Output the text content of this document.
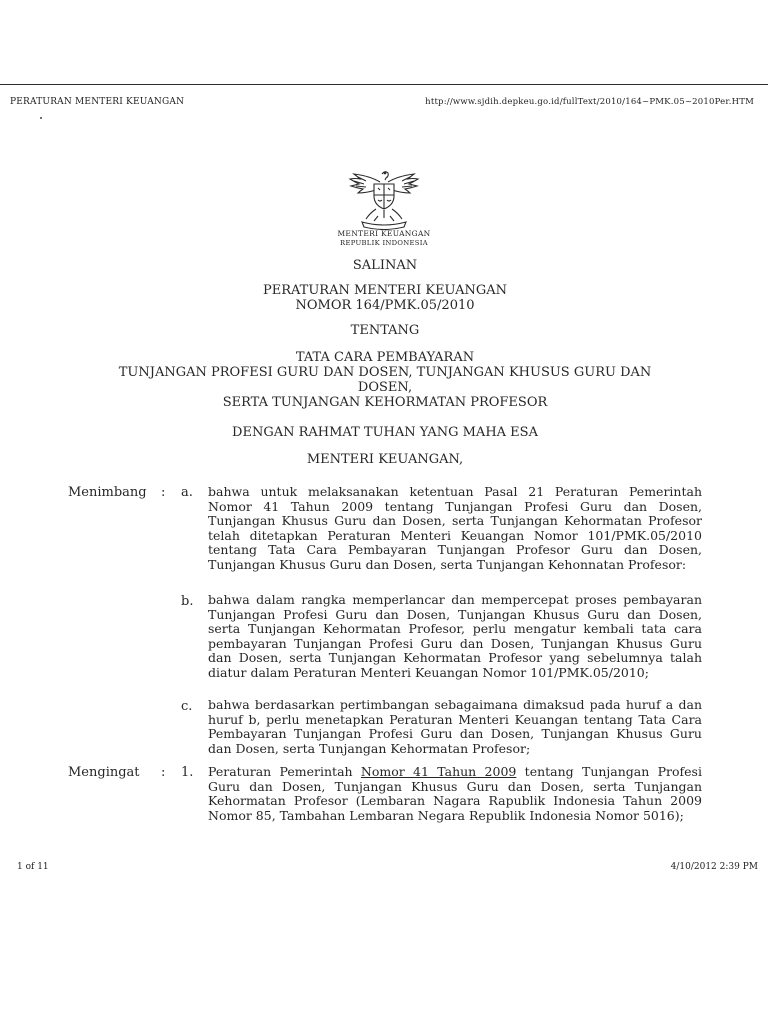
PERATURAN MENTERI KEUANGAN	http://www.sjdih.depkeu.go.id/fullText/2010/164~PMK.05~2010Per.HTM
MENTERI KEUANGAN
REPUBLIK INDONESIA
SALINAN
PERATURAN MENTERI KEUANGAN
NOMOR 164/PMK.05/2010
TENTANG
TATA CARA PEMBAYARAN
TUNJANGAN PROFESI GURU DAN DOSEN, TUNJANGAN KHUSUS GURU DAN
DOSEN,
SERTA TUNJANGAN KEHORMATAN PROFESOR
DENGAN RAHMAT TUHAN YANG MAHA ESA
MENTERI KEUANGAN,
Menimbang : a. bahwa untuk melaksanakan ketentuan Pasal 21 Peraturan Pemerintah Nomor 41 Tahun 2009 tentang Tunjangan Profesi Guru dan Dosen, Tunjangan Khusus Guru dan Dosen, serta Tunjangan Kehormatan Profesor telah ditetapkan Peraturan Menteri Keuangan Nomor 101/PMK.05/2010 tentang Tata Cara Pembayaran Tunjangan Profesor Guru dan Dosen, Tunjangan Khusus Guru dan Dosen, serta Tunjangan Kehonnatan Profesor:
b. bahwa dalam rangka memperlancar dan mempercepat proses pembayaran Tunjangan Profesi Guru dan Dosen, Tunjangan Khusus Guru dan Dosen, serta Tunjangan Kehormatan Profesor, perlu mengatur kembali tata cara pembayaran Tunjangan Profesi Guru dan Dosen, Tunjangan Khusus Guru dan Dosen, serta Tunjangan Kehormatan Profesor yang sebelumnya talah diatur dalam Peraturan Menteri Keuangan Nomor 101/PMK.05/2010;
c. bahwa berdasarkan pertimbangan sebagaimana dimaksud pada huruf a dan huruf b, perlu menetapkan Peraturan Menteri Keuangan tentang Tata Cara Pembayaran Tunjangan Profesi Guru dan Dosen, Tunjangan Khusus Guru dan Dosen, serta Tunjangan Kehormatan Profesor;
Mengingat : 1. Peraturan Pemerintah Nomor 41 Tahun 2009 tentang Tunjangan Profesi Guru dan Dosen, Tunjangan Khusus Guru dan Dosen, serta Tunjangan Kehormatan Profesor (Lembaran Nagara Rapublik Indonesia Tahun 2009 Nomor 85, Tambahan Lembaran Negara Republik Indonesia Nomor 5016);
1 of 11	4/10/2012 2:39 PM
